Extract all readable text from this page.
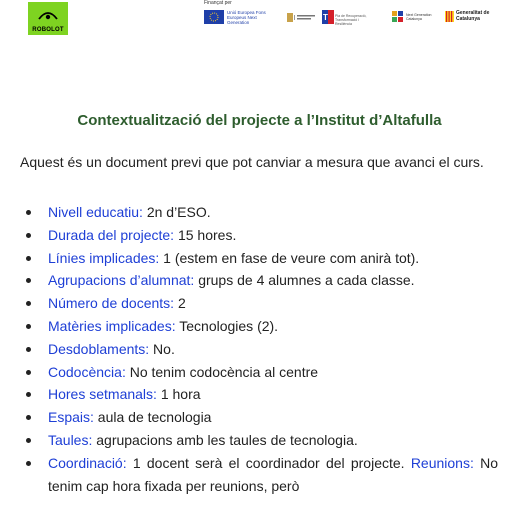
ROBOLOT
Finançat per
Unió Europea Fons Europeus Next Generation
T Pla de Recuperació, Transformació i Resiliència
Next Generation Catalunya
Generalitat de Catalunya
Contextualització del projecte a l’Institut d’Altafulla
Aquest és un document previ que pot canviar a mesura que avanci el curs.
Nivell educatiu: 2n d’ESO.
Durada del projecte: 15 hores.
Línies implicades: 1 (estem en fase de veure com anirà tot).
Agrupacions d’alumnat: grups de 4 alumnes a cada classe.
Número de docents: 2
Matèries implicades: Tecnologies (2).
Desdoblaments: No.
Codocència: No tenim codocència al centre
Hores setmanals: 1 hora
Espais: aula de tecnologia
Taules: agrupacions amb les taules de tecnologia.
Coordinació: 1 docent serà el coordinador del projecte. Reunions: No tenim cap hora fixada per reunions, però
